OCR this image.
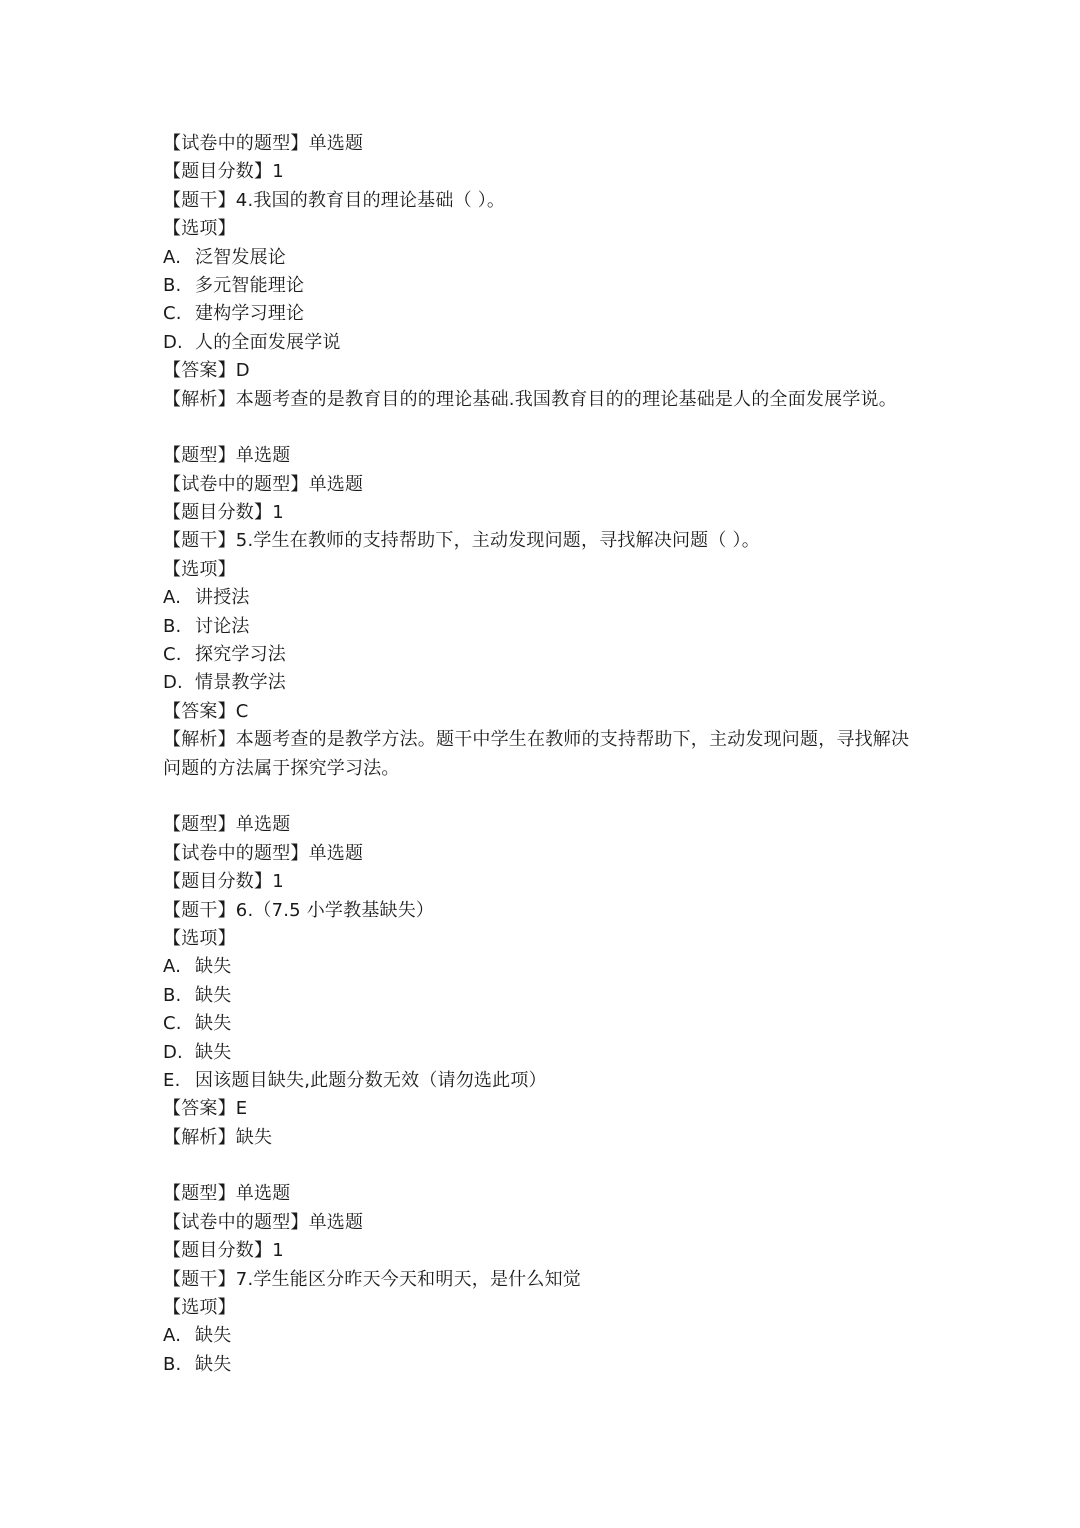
【试卷中的题型】单选题
【题目分数】1
【题干】4.我国的教育目的理论基础（ ）。
【选项】
A. 泛智发展论
B. 多元智能理论
C. 建构学习理论
D. 人的全面发展学说
【答案】D
【解析】本题考查的是教育目的的理论基础.我国教育目的的理论基础是人的全面发展学说。
【题型】单选题
【试卷中的题型】单选题
【题目分数】1
【题干】5.学生在教师的支持帮助下，主动发现问题，寻找解决问题（ ）。
【选项】
A. 讲授法
B. 讨论法
C. 探究学习法
D. 情景教学法
【答案】C
【解析】本题考查的是教学方法。题干中学生在教师的支持帮助下，主动发现问题，寻找解决问题的方法属于探究学习法。
【题型】单选题
【试卷中的题型】单选题
【题目分数】1
【题干】6.（7.5 小学教基缺失）
【选项】
A. 缺失
B. 缺失
C. 缺失
D. 缺失
E. 因该题目缺失,此题分数无效（请勿选此项）
【答案】E
【解析】缺失
【题型】单选题
【试卷中的题型】单选题
【题目分数】1
【题干】7.学生能区分昨天今天和明天，是什么知觉
【选项】
A. 缺失
B. 缺失
